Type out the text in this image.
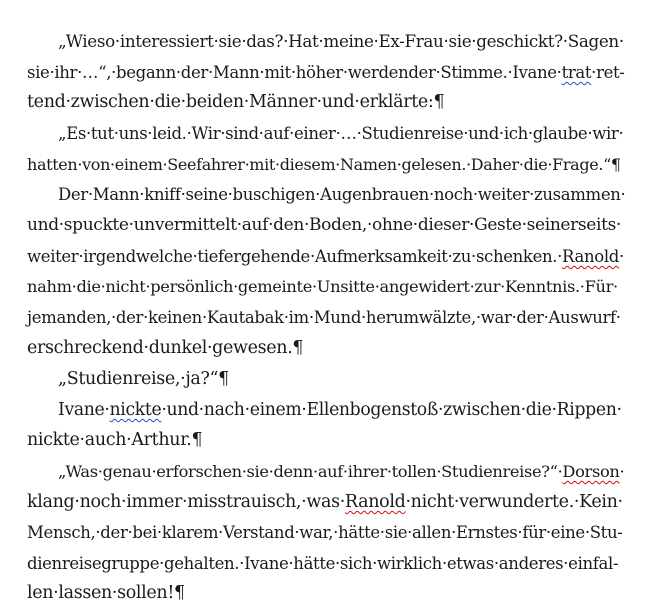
„Wieso·interessiert·sie·das?·Hat·meine·Ex-Frau·sie·geschickt?·Sagen·
sie·ihr·…“,·begann·der·Mann·mit·höher·werdender·Stimme.·Ivane·trat·ret-
tend·zwischen·die·beiden·Männer·und·erklärte:¶
„Es·tut·uns·leid.·Wir·sind·auf·einer·…·Studienreise·und·ich·glaube·wir·
hatten·von·einem·Seefahrer·mit·diesem·Namen·gelesen.·Daher·die·Frage.“¶
Der·Mann·kniff·seine·buschigen·Augenbrauen·noch·weiter·zusammen·
und·spuckte·unvermittelt·auf·den·Boden,·ohne·dieser·Geste·seinerseits·
weiter·irgendwelche·tiefergehende·Aufmerksamkeit·zu·schenken.·Ranold·
nahm·die·nicht·persönlich·gemeinte·Unsitte·angewidert·zur·Kenntnis.·Für·
jemanden,·der·keinen·Kautabak·im·Mund·herumwälzte,·war·der·Auswurf·
erschreckend·dunkel·gewesen.¶
„Studienreise,·ja?“¶
Ivane·nickte·und·nach·einem·Ellenbogenstoß·zwischen·die·Rippen·
nickte·auch·Arthur.¶
„Was·genau·erforschen·sie·denn·auf·ihrer·tollen·Studienreise?“·Dorson·
klang·noch·immer·misstrauisch,·was·Ranold·nicht·verwunderte.·Kein·
Mensch,·der·bei·klarem·Verstand·war,·hätte·sie·allen·Ernstes·für·eine·Stu-
dienreisegruppe·gehalten.·Ivane·hätte·sich·wirklich·etwas·anderes·einfal-
len·lassen·sollen!¶
